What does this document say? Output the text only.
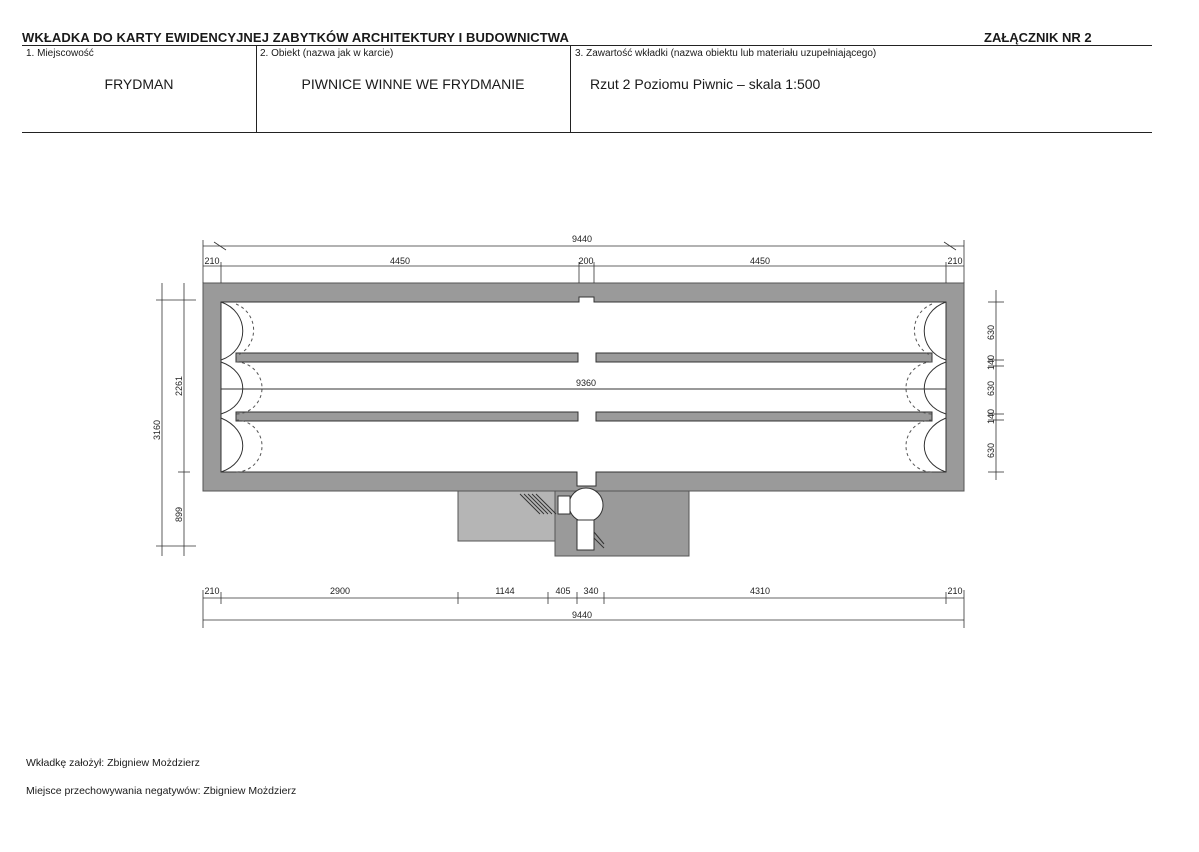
WKŁADKA DO KARTY EWIDENCYJNEJ ZABYTKÓW ARCHITEKTURY I BUDOWNICTWA	ZAŁĄCZNIK NR 2
1. Miejscowość	2. Obiekt (nazwa jak w karcie)	3. Zawartość wkładki (nazwa obiektu lub materiału uzupełniającego)
FRYDMAN	PIWNICE WINNE WE FRYDMANIE	Rzut 2 Poziomu Piwnic – skala 1:500
9440
210	4450	200	4450	210
9360
210	2900	1144	405 340	4310	210
9440
3160
2261
899
630
140
630
140
630
Wkładkę założył: Zbigniew Możdzierz
Miejsce przechowywania negatywów: Zbigniew Możdzierz
